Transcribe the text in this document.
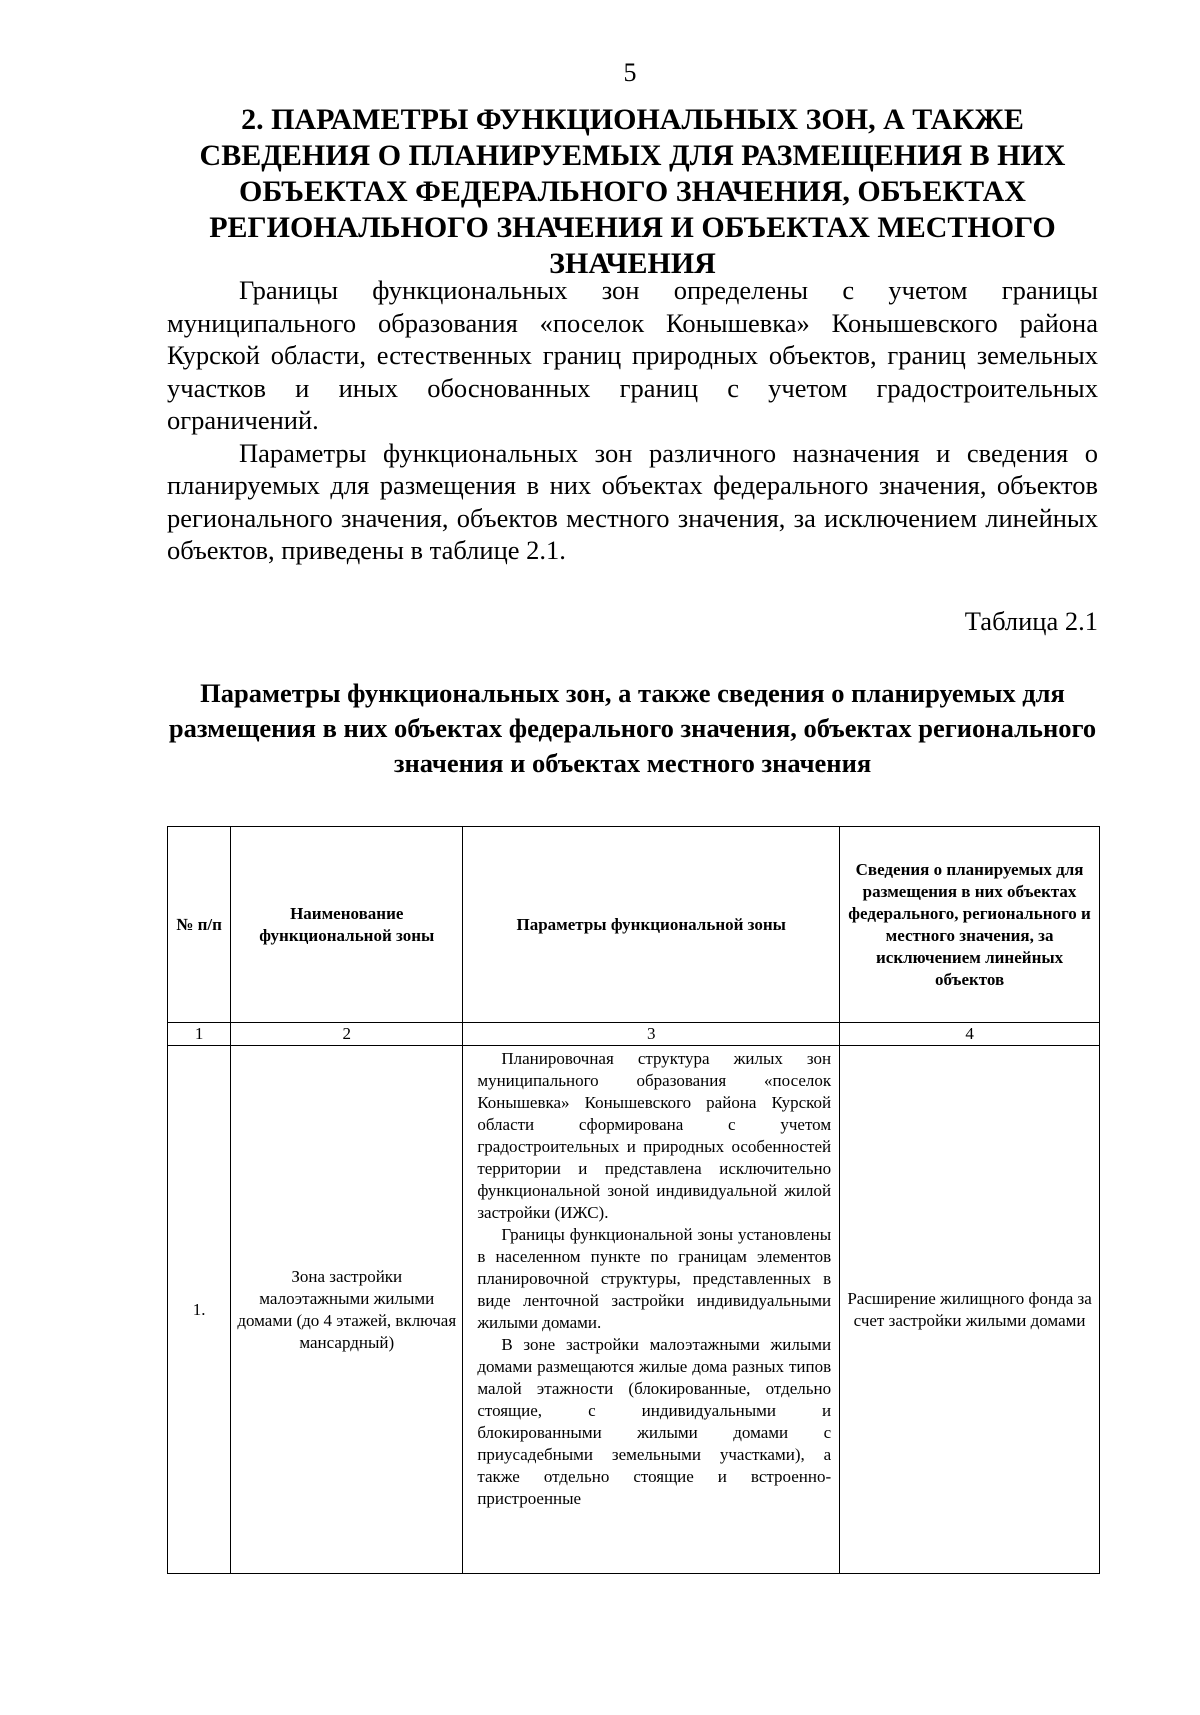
5
2. ПАРАМЕТРЫ ФУНКЦИОНАЛЬНЫХ ЗОН, А ТАКЖЕ СВЕДЕНИЯ О ПЛАНИРУЕМЫХ ДЛЯ РАЗМЕЩЕНИЯ В НИХ ОБЪЕКТАХ ФЕДЕРАЛЬНОГО ЗНАЧЕНИЯ, ОБЪЕКТАХ РЕГИОНАЛЬНОГО ЗНАЧЕНИЯ И ОБЪЕКТАХ МЕСТНОГО ЗНАЧЕНИЯ

Границы функциональных зон определены с учетом границы муниципального образования «поселок Конышевка» Конышевского района Курской области, естественных границ природных объектов, границ земельных участков и иных обоснованных границ с учетом градостроительных ограничений.

Параметры функциональных зон различного назначения и сведения о планируемых для размещения в них объектах федерального значения, объектов регионального значения, объектов местного значения, за исключением линейных объектов, приведены в таблице 2.1.

Таблица 2.1
Параметры функциональных зон, а также сведения о планируемых для размещения в них объектах федерального значения, объектах регионального значения и объектах местного значения
№ п/п	Наименование функциональной зоны	Параметры функциональной зоны	Сведения о планируемых для размещения в них объектах федерального, регионального и местного значения, за исключением линейных объектов
1	2	3	4
1.	Зона застройки малоэтажными жилыми домами (до 4 этажей, включая мансардный)	Планировочная структура жилых зон муниципального образования «поселок Конышевка» Конышевского района Курской области сформирована с учетом градостроительных и природных особенностей территории и представлена исключительно функциональной зоной индивидуальной жилой застройки (ИЖС).

Границы функциональной зоны установлены в населенном пункте по границам элементов планировочной структуры, представленных в виде ленточной застройки индивидуальными жилыми домами.

В зоне застройки малоэтажными жилыми домами размещаются жилые дома разных типов малой этажности (блокированные, отдельно стоящие, с индивидуальными и блокированными жилыми домами с приусадебными земельными участками), а также отдельно стоящие и встроенно-пристроенные	Расширение жилищного фонда за счет застройки жилыми домами
